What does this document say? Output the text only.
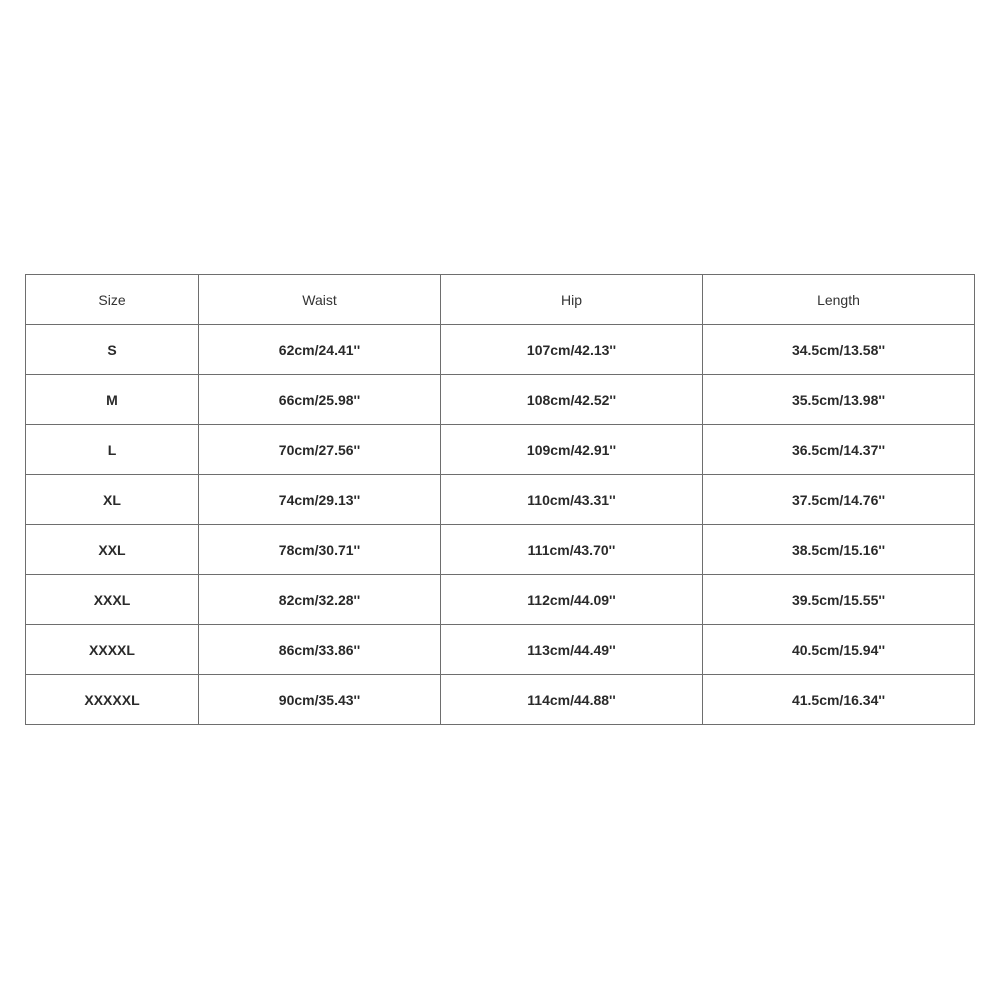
Size	Waist	Hip	Length
S	62cm/24.41''	107cm/42.13''	34.5cm/13.58''
M	66cm/25.98''	108cm/42.52''	35.5cm/13.98''
L	70cm/27.56''	109cm/42.91''	36.5cm/14.37''
XL	74cm/29.13''	110cm/43.31''	37.5cm/14.76''
XXL	78cm/30.71''	111cm/43.70''	38.5cm/15.16''
XXXL	82cm/32.28''	112cm/44.09''	39.5cm/15.55''
XXXXL	86cm/33.86''	113cm/44.49''	40.5cm/15.94''
XXXXXL	90cm/35.43''	114cm/44.88''	41.5cm/16.34''
